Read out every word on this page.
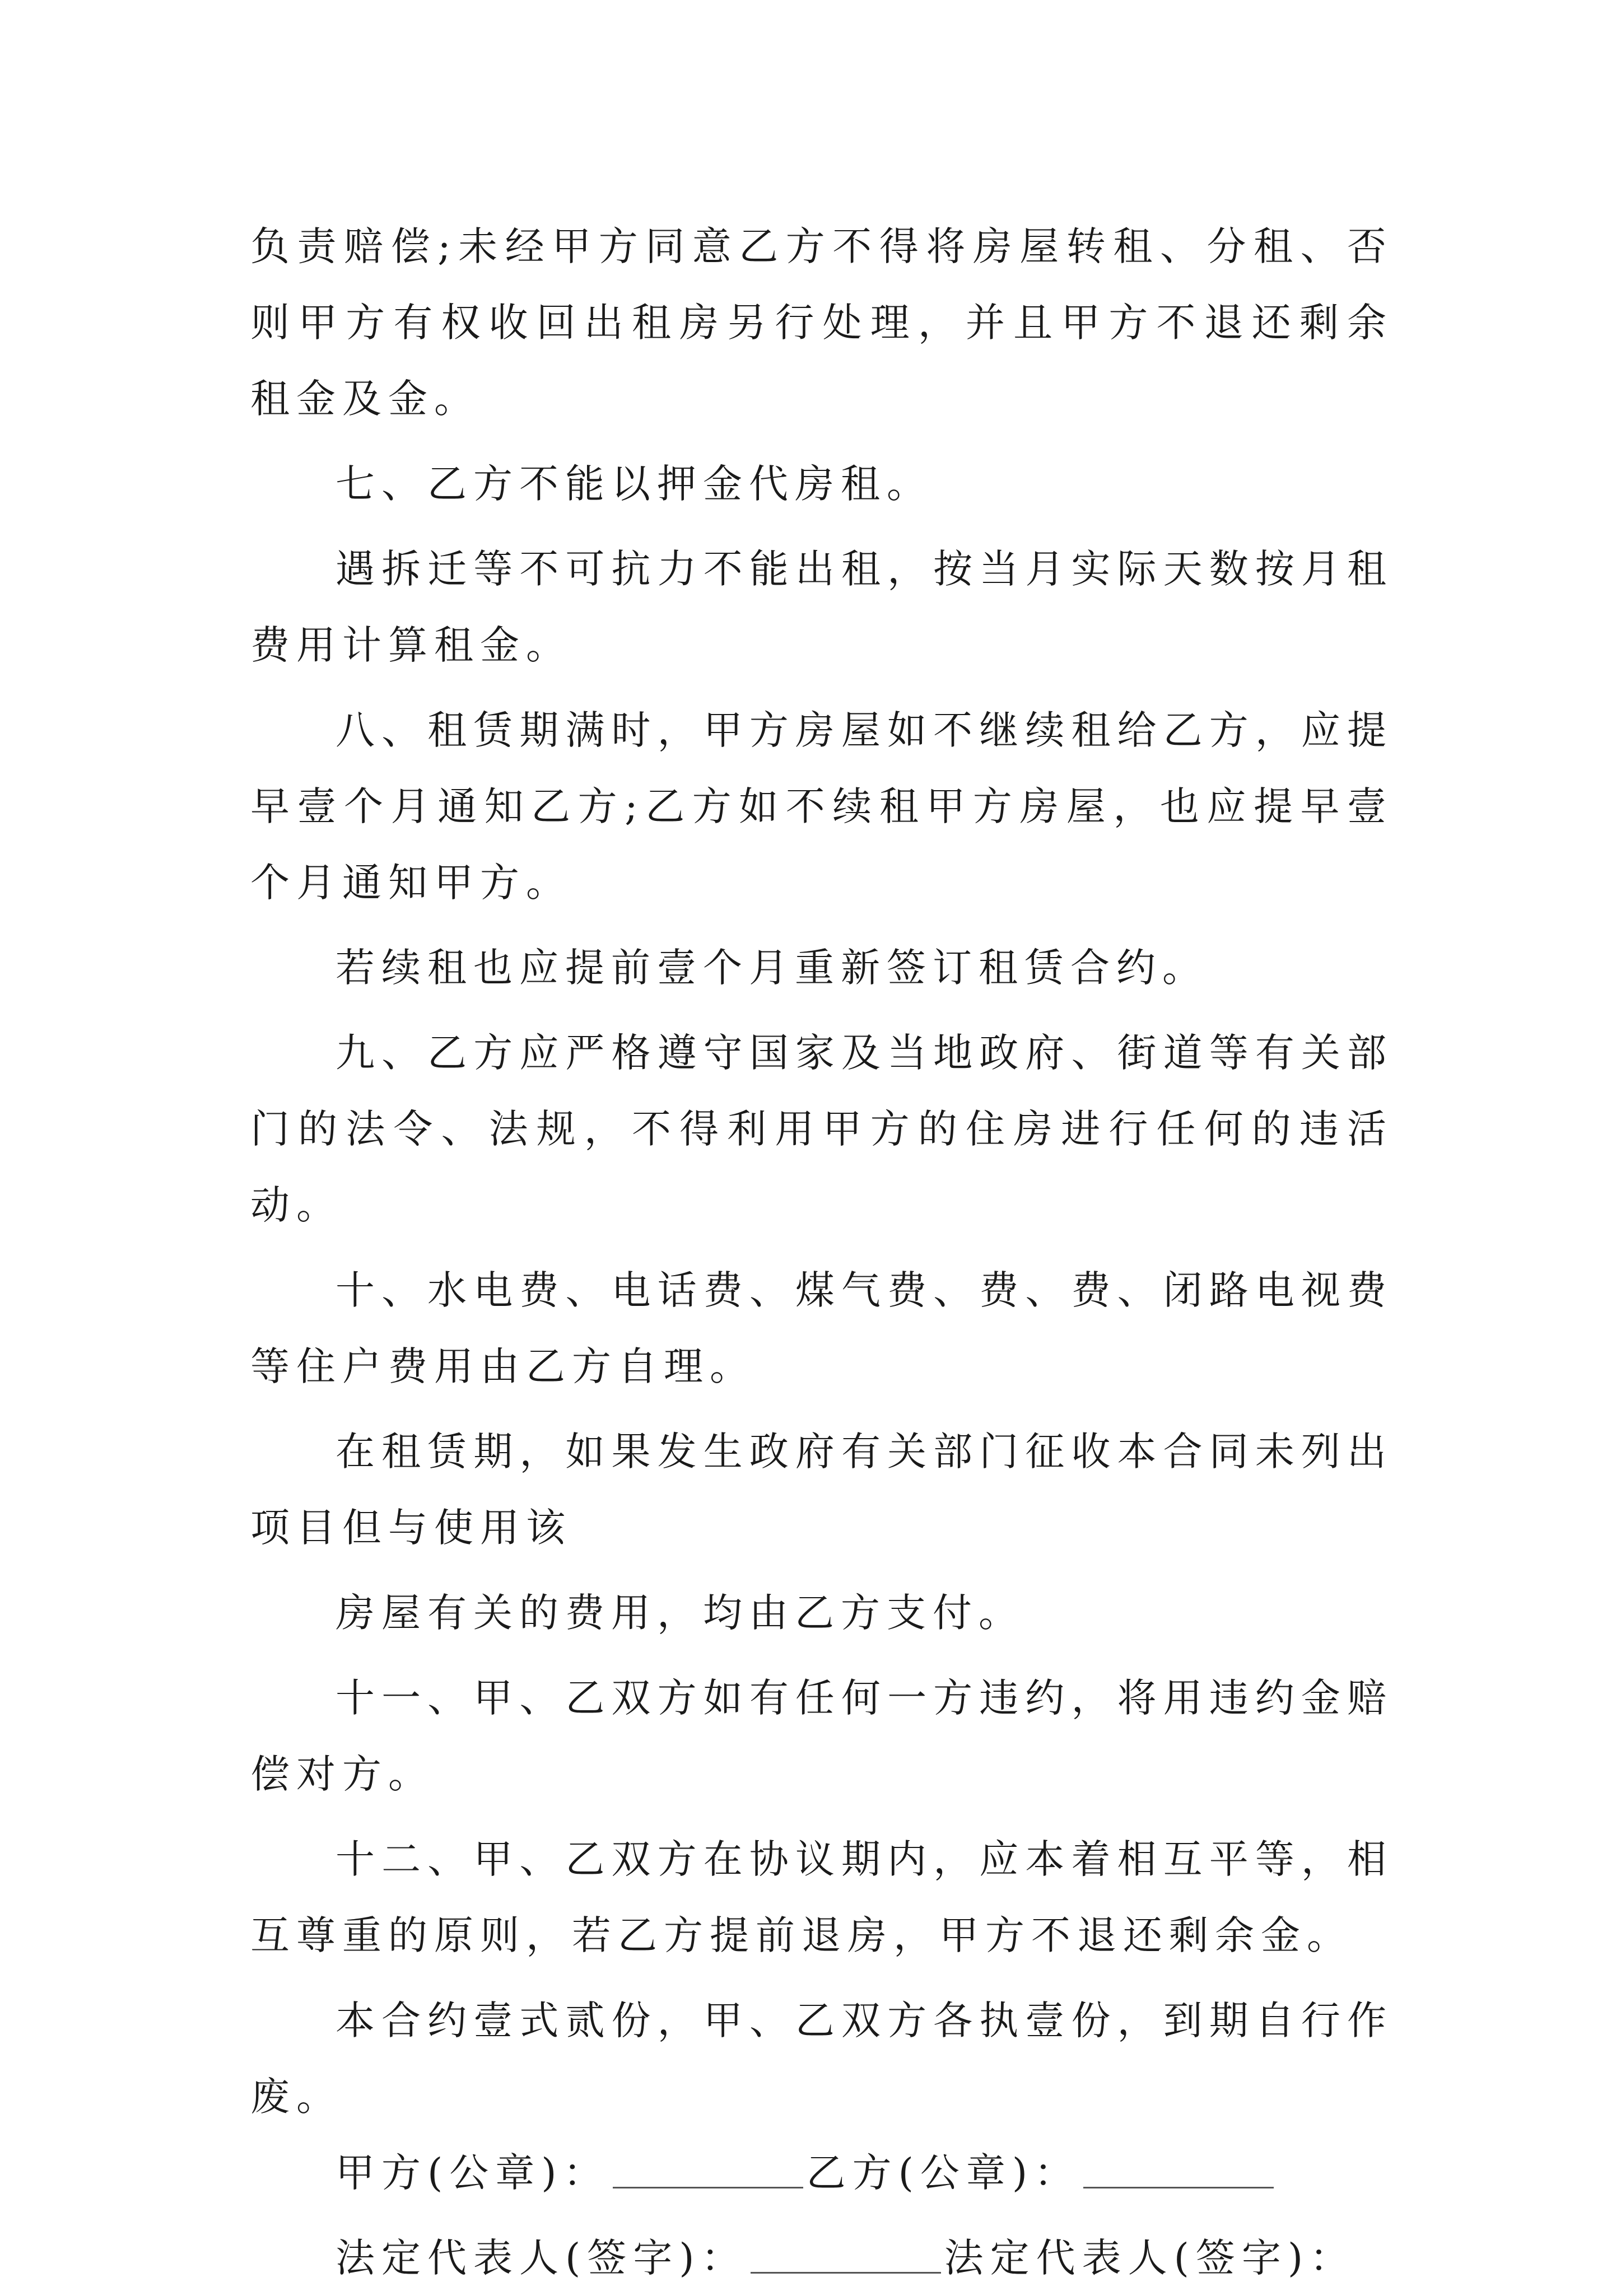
负责赔偿;未经甲方同意乙方不得将房屋转租、分租、否则甲方有权收回出租房另行处理，并且甲方不退还剩余租金及金。

七、乙方不能以押金代房租。

遇拆迁等不可抗力不能出租，按当月实际天数按月租费用计算租金。

八、租赁期满时，甲方房屋如不继续租给乙方，应提早壹个月通知乙方;乙方如不续租甲方房屋，也应提早壹个月通知甲方。

若续租也应提前壹个月重新签订租赁合约。

九、乙方应严格遵守国家及当地政府、街道等有关部门的法令、法规，不得利用甲方的住房进行任何的违活动。

十、水电费、电话费、煤气费、费、费、闭路电视费等住户费用由乙方自理。

在租赁期，如果发生政府有关部门征收本合同未列出项目但与使用该

房屋有关的费用，均由乙方支付。

十一、甲、乙双方如有任何一方违约，将用违约金赔偿对方。

十二、甲、乙双方在协议期内，应本着相互平等，相互尊重的原则，若乙方提前退房，甲方不退还剩余金。

本合约壹式贰份，甲、乙双方各执壹份，到期自行作废。

甲方(公章)：	乙方(公章)：
法定代表人(签字)：	法定代表人(签字)：
